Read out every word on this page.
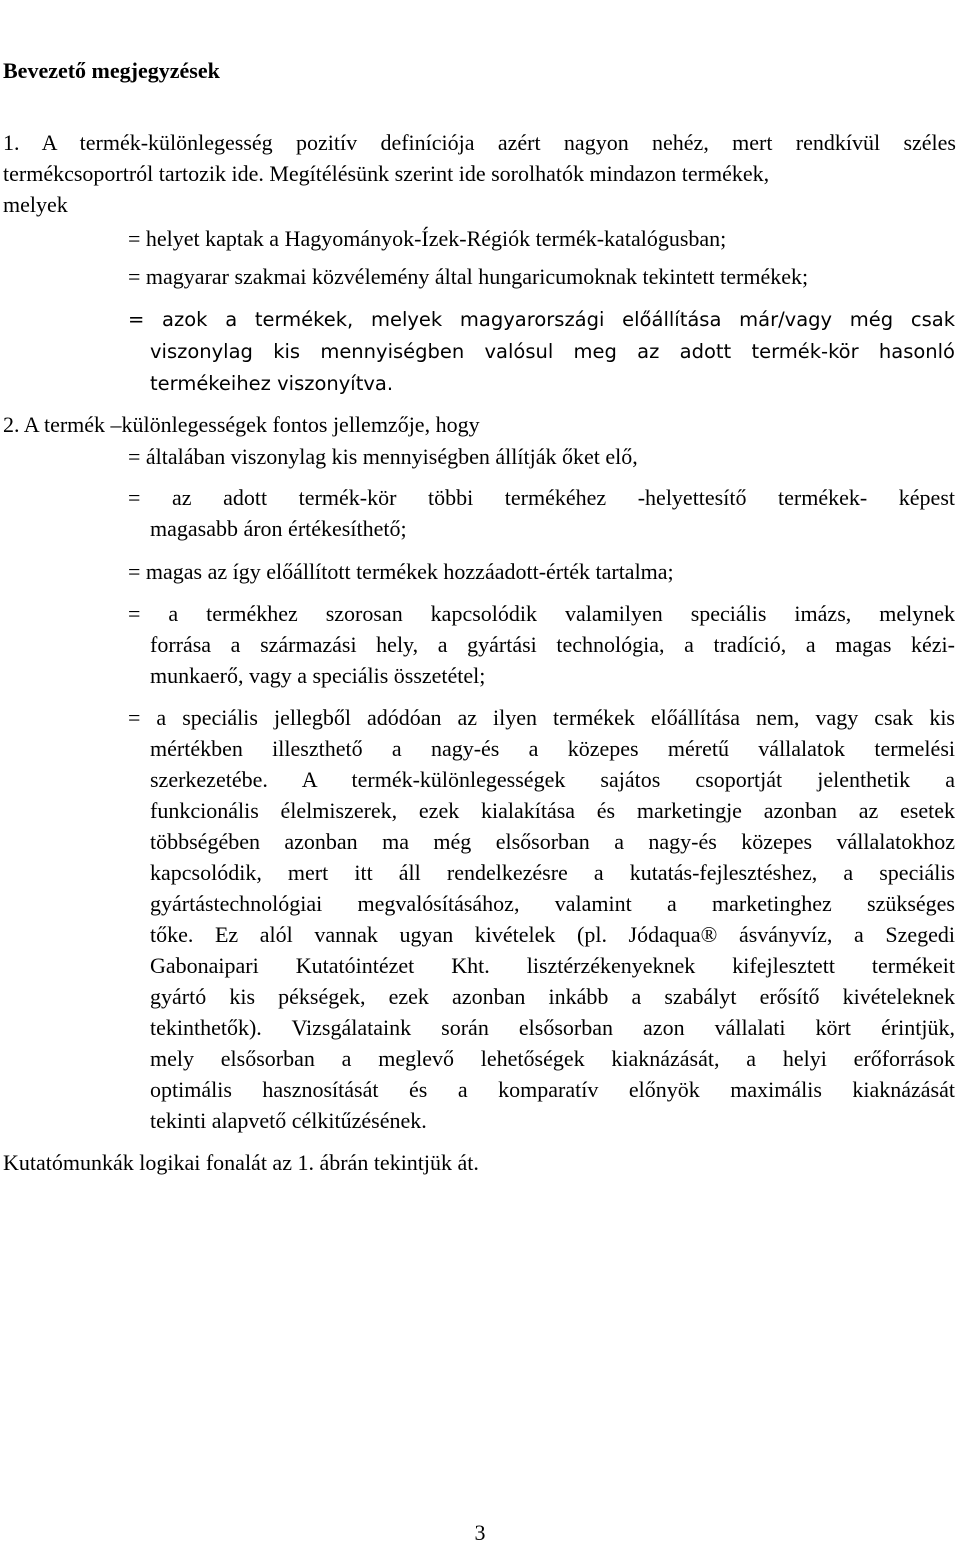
Bevezető megjegyzések
1. A termék-különlegesség pozitív definíciója azért nagyon nehéz, mert rendkívül széles
termékcsoportról tartozik ide. Megítélésünk szerint ide sorolhatók mindazon termékek,
melyek
= helyet kaptak a Hagyományok-Ízek-Régiók termék-katalógusban;
= magyarar szakmai közvélemény által hungaricumoknak tekintett termékek;
= azok a termékek, melyek magyarországi előállítása már/vagy még csak
viszonylag kis mennyiségben valósul meg az adott termék-kör hasonló
termékeihez viszonyítva.
2. A termék –különlegességek fontos jellemzője, hogy
= általában viszonylag kis mennyiségben állítják őket elő,
= az adott termék-kör többi termékéhez -helyettesítő termékek- képest
magasabb áron értékesíthető;
= magas az így előállított termékek hozzáadott-érték tartalma;
= a termékhez szorosan kapcsolódik valamilyen speciális imázs, melynek
forrása a származási hely, a gyártási technológia, a tradíció, a magas kézi-
munkaerő, vagy a speciális összetétel;
= a speciális jellegből adódóan az ilyen termékek előállítása nem, vagy csak kis
mértékben illeszthető a nagy-és a közepes méretű vállalatok termelési
szerkezetébe. A termék-különlegességek sajátos csoportját jelenthetik a
funkcionális élelmiszerek, ezek kialakítása és marketingje azonban az esetek
többségében azonban ma még elsősorban a nagy-és közepes vállalatokhoz
kapcsolódik, mert itt áll rendelkezésre a kutatás-fejlesztéshez, a speciális
gyártástechnológiai megvalósításához, valamint a marketinghez szükséges
tőke. Ez alól vannak ugyan kivételek (pl. Jódaqua® ásványvíz, a Szegedi
Gabonaipari Kutatóintézet Kht. lisztérzékenyeknek kifejlesztett termékeit
gyártó kis pékségek, ezek azonban inkább a szabályt erősítő kivételeknek
tekinthetők). Vizsgálataink során elsősorban azon vállalati kört érintjük,
mely elsősorban a meglevő lehetőségek kiaknázását, a helyi erőforrások
optimális hasznosítását és a komparatív előnyök maximális kiaknázását
tekinti alapvető célkitűzésének.
Kutatómunkák logikai fonalát az 1. ábrán tekintjük át.
3
